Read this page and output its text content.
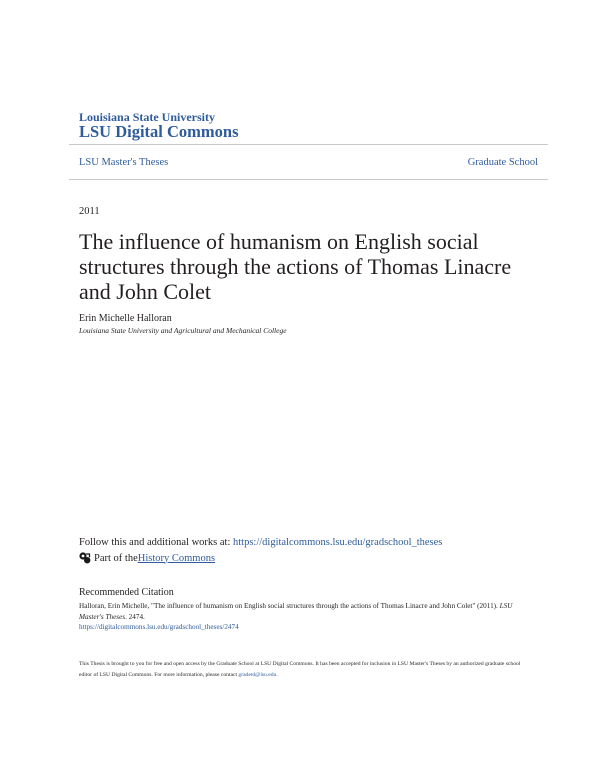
Louisiana State University
LSU Digital Commons
LSU Master's Theses	Graduate School
2011
The influence of humanism on English social
structures through the actions of Thomas Linacre
and John Colet
Erin Michelle Halloran
Louisiana State University and Agricultural and Mechanical College
Follow this and additional works at: https://digitalcommons.lsu.edu/gradschool_theses
Part of the History Commons
Recommended Citation
Halloran, Erin Michelle, "The influence of humanism on English social structures through the actions of Thomas Linacre and John Colet" (2011). LSU Master's Theses. 2474.
https://digitalcommons.lsu.edu/gradschool_theses/2474
This Thesis is brought to you for free and open access by the Graduate School at LSU Digital Commons. It has been accepted for inclusion in LSU Master's Theses by an authorized graduate school editor of LSU Digital Commons. For more information, please contact gradetd@lsu.edu.
